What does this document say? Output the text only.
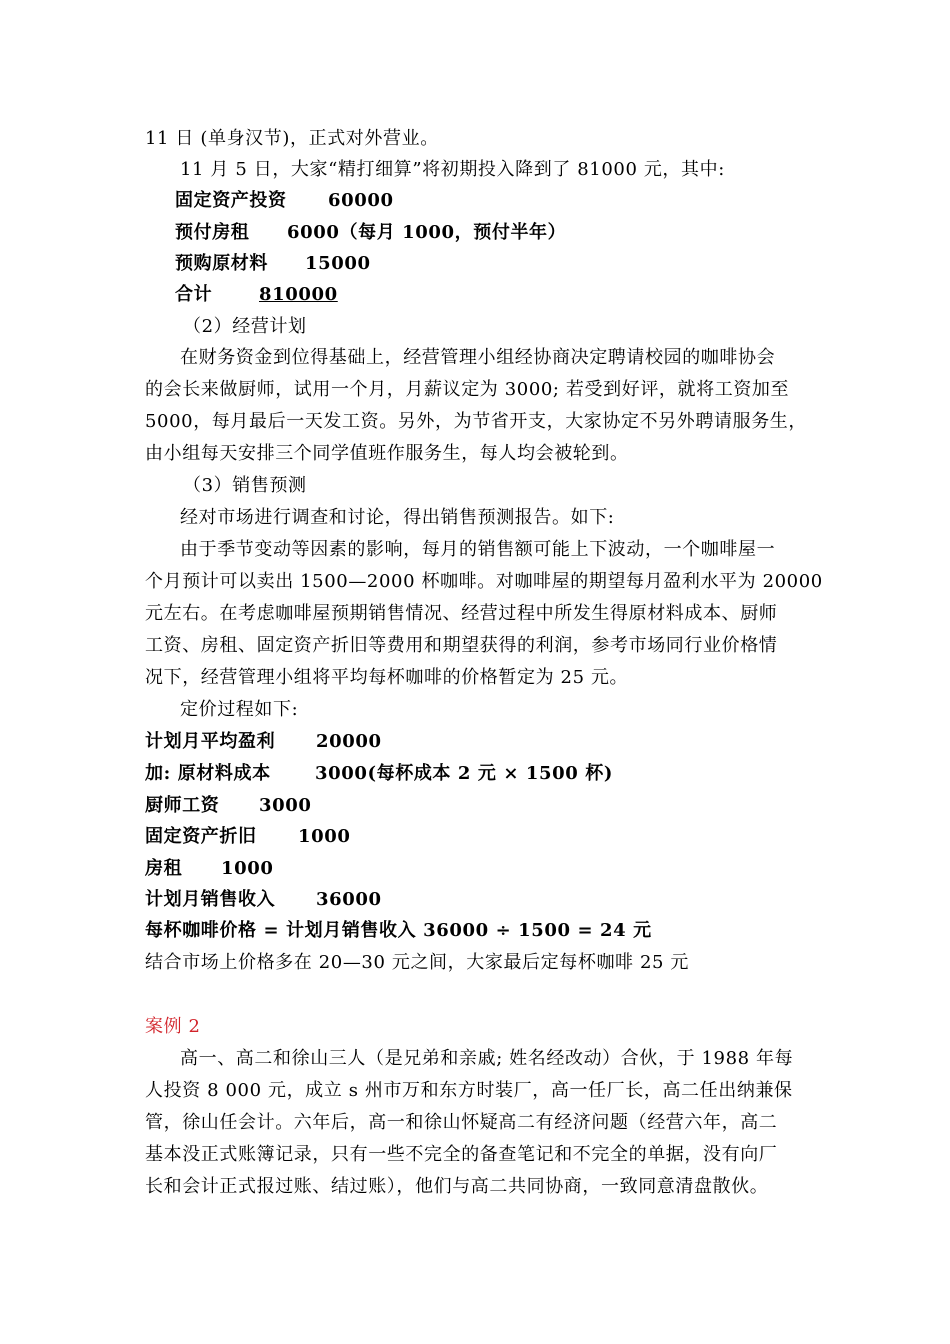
11 日 (单身汉节)，正式对外营业。
11 月 5 日，大家“精打细算”将初期投入降到了 81000 元，其中:
固定资产投资 60000
预付房租 6000（每月 1000，预付半年）
预购原材料 15000
合计	810000
（2）经营计划
在财务资金到位得基础上，经营管理小组经协商决定聘请校园的咖啡协会
的会长来做厨师，试用一个月，月薪议定为 3000; 若受到好评，就将工资加至
5000，每月最后一天发工资。另外，为节省开支，大家协定不另外聘请服务生，
由小组每天安排三个同学值班作服务生，每人均会被轮到。
（3）销售预测
经对市场进行调查和讨论，得出销售预测报告。如下:
由于季节变动等因素的影响，每月的销售额可能上下波动，一个咖啡屋一
个月预计可以卖出 1500—2000 杯咖啡。对咖啡屋的期望每月盈利水平为 20000
元左右。在考虑咖啡屋预期销售情况、经营过程中所发生得原材料成本、厨师
工资、房租、固定资产折旧等费用和期望获得的利润，参考市场同行业价格情
况下，经营管理小组将平均每杯咖啡的价格暂定为 25 元。
定价过程如下:
计划月平均盈利 20000
加: 原材料成本 3000(每杯成本 2 元 × 1500 杯)
厨师工资 3000
固定资产折旧 1000
房租 1000
计划月销售收入 36000
每杯咖啡价格 = 计划月销售收入 36000 ÷ 1500 = 24 元
结合市场上价格多在 20—30 元之间，大家最后定每杯咖啡 25 元
案例 2
高一、高二和徐山三人（是兄弟和亲戚; 姓名经改动）合伙，于 1988 年每
人投资 8 000 元，成立 s 州市万和东方时装厂，高一任厂长，高二任出纳兼保
管，徐山任会计。六年后，高一和徐山怀疑高二有经济问题（经营六年，高二
基本没正式账簿记录，只有一些不完全的备查笔记和不完全的单据，没有向厂
长和会计正式报过账、结过账），他们与高二共同协商，一致同意清盘散伙。
